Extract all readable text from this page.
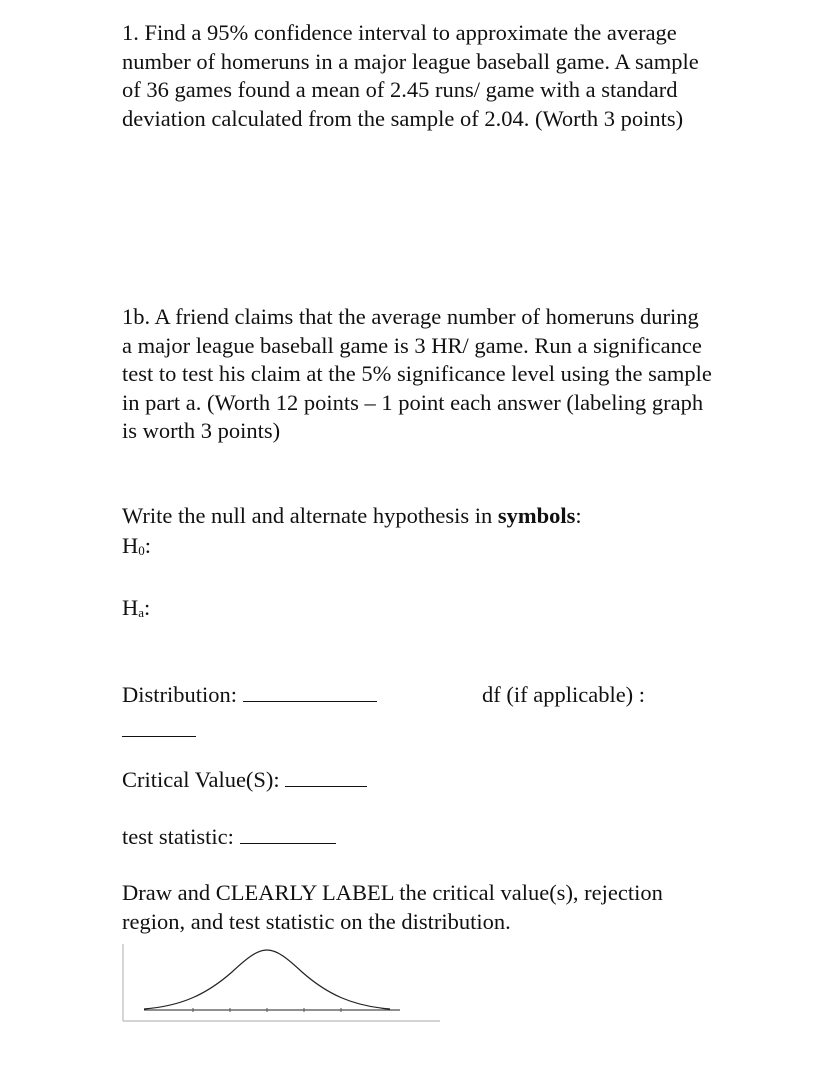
1. Find a 95% confidence interval to approximate the average number of homeruns in a major league baseball game. A sample of 36 games found a mean of 2.45 runs/ game with a standard deviation calculated from the sample of 2.04. (Worth 3 points)

1b. A friend claims that the average number of homeruns during a major league baseball game is 3 HR/ game. Run a significance test to test his claim at the 5% significance level using the sample in part a. (Worth 12 points – 1 point each answer (labeling graph is worth 3 points)

Write the null and alternate hypothesis in symbols:

$H_0$:
$H_a$:
Distribution:	df (if applicable) :
Critical Value(S):
test statistic:

Draw and CLEARLY LABEL the critical value(s), rejection region, and test statistic on the distribution.
